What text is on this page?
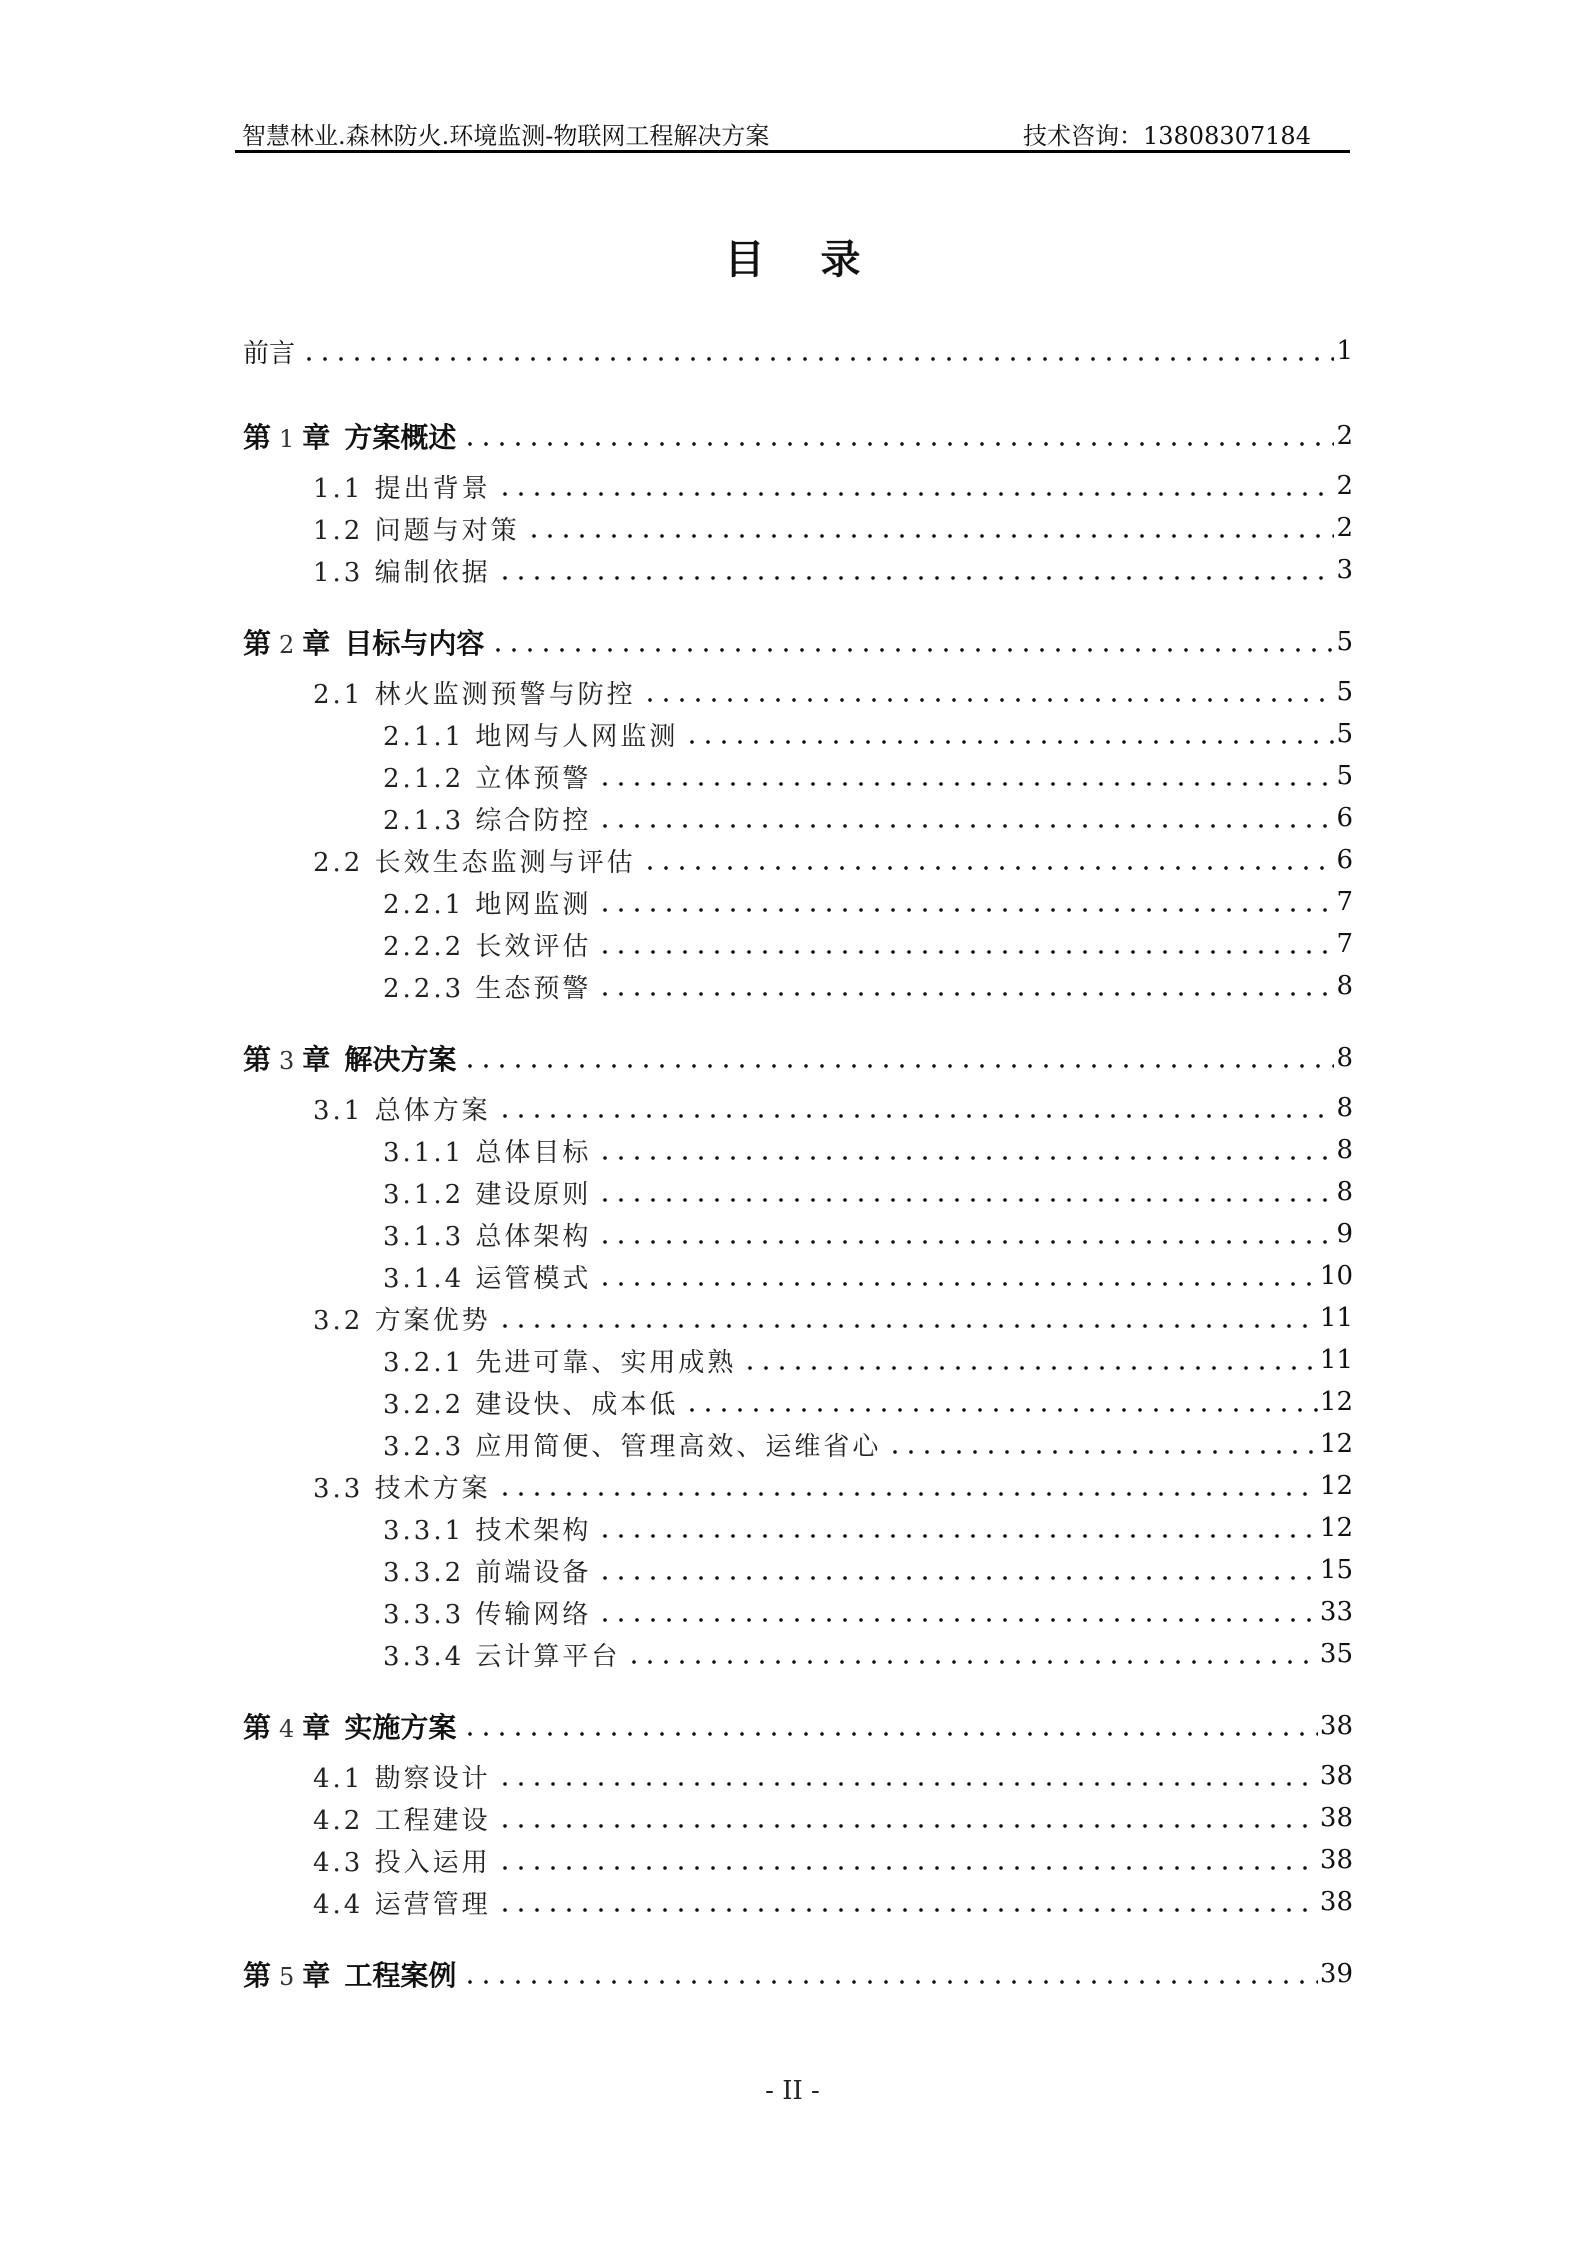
智慧林业.森林防火.环境监测-物联网工程解决方案	技术咨询：13808307184
目录
前言	1
第 1 章 方案概述	2
1.1 提出背景	2
1.2 问题与对策	2
1.3 编制依据	3
第 2 章 目标与内容	5
2.1 林火监测预警与防控	5
2.1.1 地网与人网监测	5
2.1.2 立体预警	5
2.1.3 综合防控	6
2.2 长效生态监测与评估	6
2.2.1 地网监测	7
2.2.2 长效评估	7
2.2.3 生态预警	8
第 3 章 解决方案	8
3.1 总体方案	8
3.1.1 总体目标	8
3.1.2 建设原则	8
3.1.3 总体架构	9
3.1.4 运管模式	10
3.2 方案优势	11
3.2.1 先进可靠、实用成熟	11
3.2.2 建设快、成本低	12
3.2.3 应用简便、管理高效、运维省心	12
3.3 技术方案	12
3.3.1 技术架构	12
3.3.2 前端设备	15
3.3.3 传输网络	33
3.3.4 云计算平台	35
第 4 章 实施方案	38
4.1 勘察设计	38
4.2 工程建设	38
4.3 投入运用	38
4.4 运营管理	38
第 5 章 工程案例	39
- II -
